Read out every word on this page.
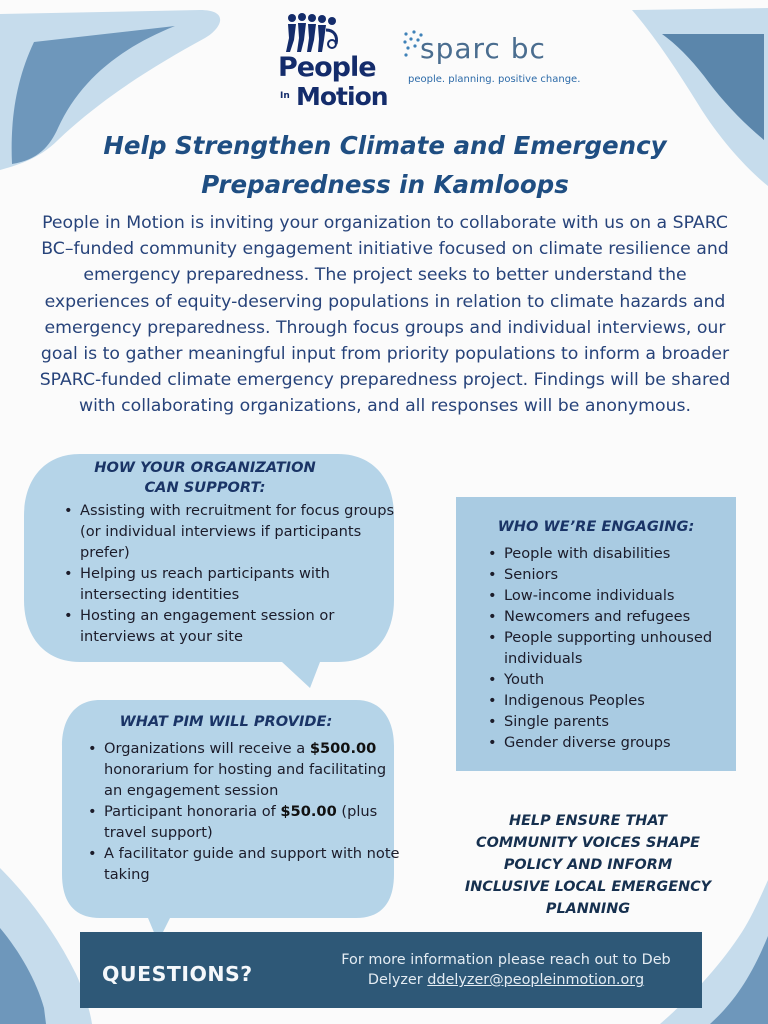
People
In Motion
sparc bc
people. planning. positive change.
Help Strengthen Climate and Emergency
Preparedness in Kamloops
People in Motion is inviting your organization to collaborate with us on a SPARC BC–funded community engagement initiative focused on climate resilience and emergency preparedness. The project seeks to better understand the experiences of equity-deserving populations in relation to climate hazards and emergency preparedness. Through focus groups and individual interviews, our goal is to gather meaningful input from priority populations to inform a broader SPARC-funded climate emergency preparedness project. Findings will be shared with collaborating organizations, and all responses will be anonymous.
HOW YOUR ORGANIZATION
CAN SUPPORT:
• Assisting with recruitment for focus groups (or individual interviews if participants prefer)
• Helping us reach participants with intersecting identities
• Hosting an engagement session or interviews at your site
WHAT PIM WILL PROVIDE:
• Organizations will receive a $500.00 honorarium for hosting and facilitating an engagement session
• Participant honoraria of $50.00 (plus travel support)
• A facilitator guide and support with note taking
WHO WE’RE ENGAGING:
• People with disabilities
• Seniors
• Low-income individuals
• Newcomers and refugees
• People supporting unhoused individuals
• Youth
• Indigenous Peoples
• Single parents
• Gender diverse groups
HELP ENSURE THAT
COMMUNITY VOICES SHAPE
POLICY AND INFORM
INCLUSIVE LOCAL EMERGENCY
PLANNING
QUESTIONS?
For more information please reach out to Deb Delyzer ddelyzer@peopleinmotion.org
